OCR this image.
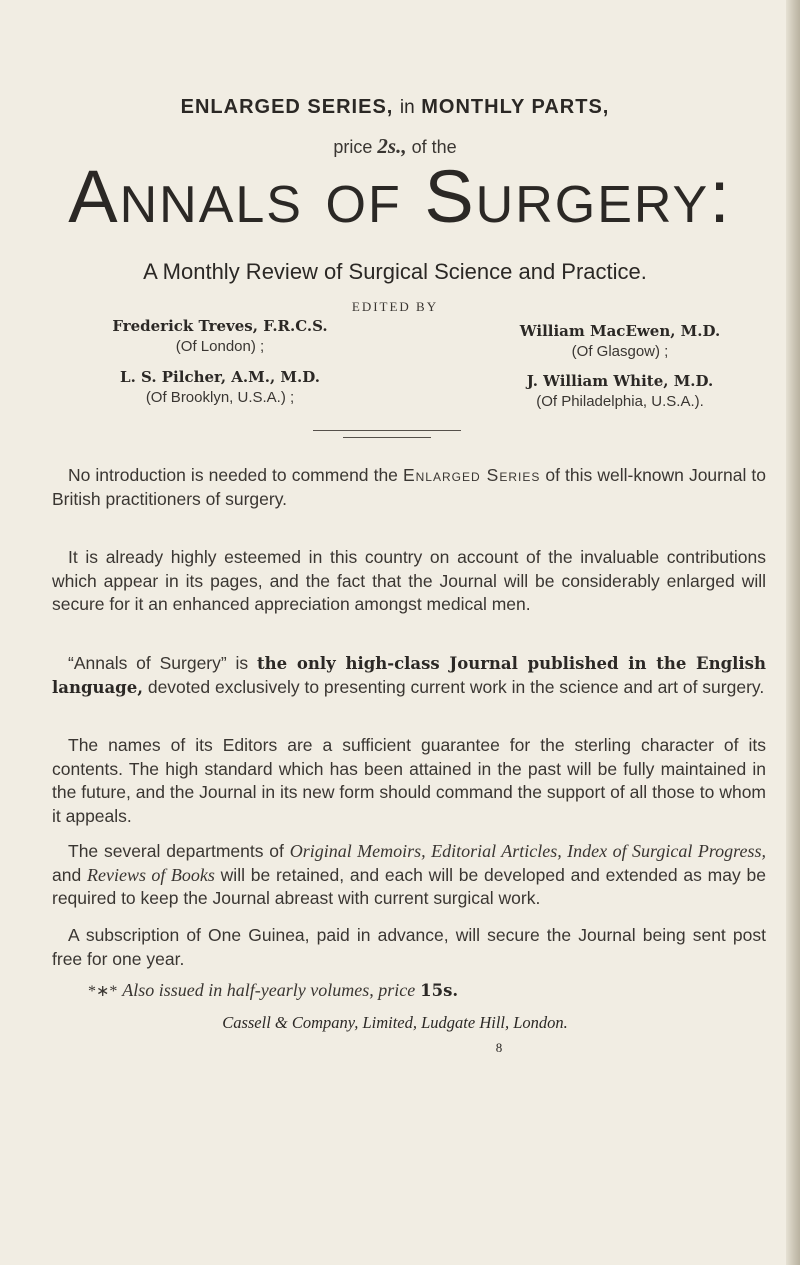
ENLARGED SERIES, in MONTHLY PARTS,
price 2s., of the
Annals of Surgery:
A Monthly Review of Surgical Science and Practice.
EDITED BY
Frederick Treves, F.R.C.S.
(Of London) ;
William MacEwen, M.D.
(Of Glasgow) ;
L. S. Pilcher, A.M., M.D.
(Of Brooklyn, U.S.A.) ;
J. William White, M.D.
(Of Philadelphia, U.S.A.).

No introduction is needed to commend the Enlarged Series of this well-known Journal to British practitioners of surgery.

It is already highly esteemed in this country on account of the invaluable contributions which appear in its pages, and the fact that the Journal will be considerably enlarged will secure for it an enhanced appreciation amongst medical men.

“Annals of Surgery” is the only high-class Journal published in the English language, devoted exclusively to presenting current work in the science and art of surgery.

The names of its Editors are a sufficient guarantee for the sterling character of its contents. The high standard which has been attained in the past will be fully maintained in the future, and the Journal in its new form should command the support of all those to whom it appeals.

The several departments of Original Memoirs, Editorial Articles, Index of Surgical Progress, and Reviews of Books will be retained, and each will be developed and extended as may be required to keep the Journal abreast with current surgical work.

A subscription of One Guinea, paid in advance, will secure the Journal being sent post free for one year.

*∗* Also issued in half-yearly volumes, price 15s.

Cassell & Company, Limited, Ludgate Hill, London.
8
